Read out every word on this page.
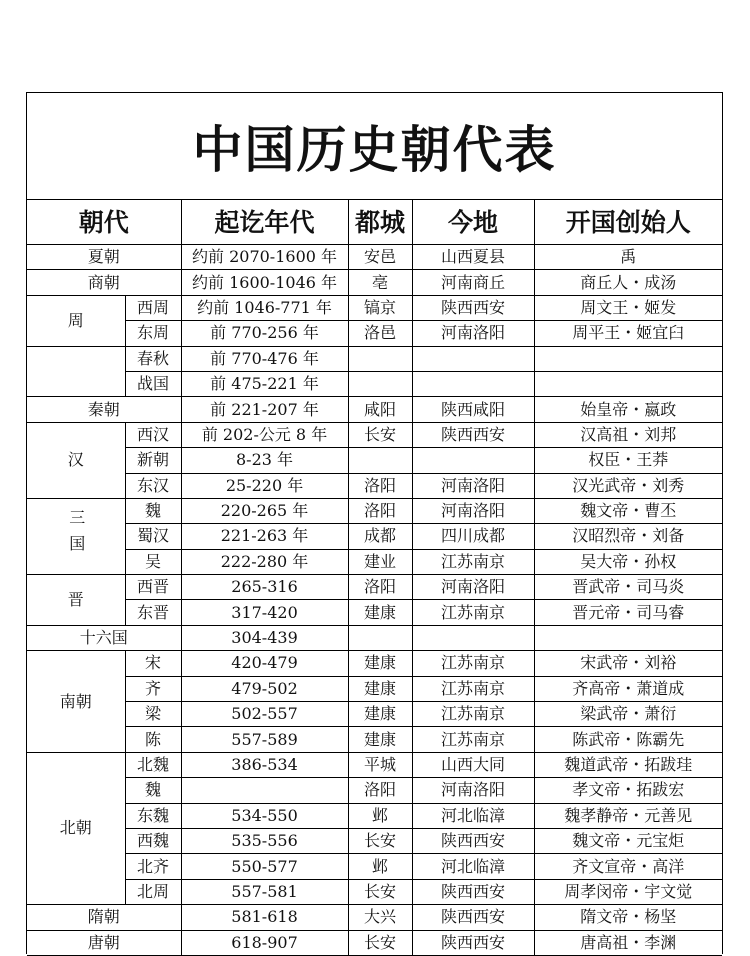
中国历史朝代表
朝代		起讫年代	都城	今地	开国创始人
夏朝		约前 2070-1600 年	安邑	山西夏县	禹
商朝		约前 1600-1046 年	亳	河南商丘	商丘人・成汤
周	西周	约前 1046-771 年	镐京	陕西西安	周文王・姬发
	东周	前 770-256 年	洛邑	河南洛阳	周平王・姬宜臼
	春秋	前 770-476 年			
	战国	前 475-221 年			
秦朝		前 221-207 年	咸阳	陕西咸阳	始皇帝・嬴政
汉	西汉	前 202-公元 8 年	长安	陕西西安	汉高祖・刘邦
	新朝	8-23 年			权臣・王莽
	东汉	25-220 年	洛阳	河南洛阳	汉光武帝・刘秀
三国	魏	220-265 年	洛阳	河南洛阳	魏文帝・曹丕
	蜀汉	221-263 年	成都	四川成都	汉昭烈帝・刘备
	吴	222-280 年	建业	江苏南京	吴大帝・孙权
晋	西晋	265-316	洛阳	河南洛阳	晋武帝・司马炎
	东晋	317-420	建康	江苏南京	晋元帝・司马睿
十六国		304-439			
南朝	宋	420-479	建康	江苏南京	宋武帝・刘裕
	齐	479-502	建康	江苏南京	齐高帝・萧道成
	梁	502-557	建康	江苏南京	梁武帝・萧衍
	陈	557-589	建康	江苏南京	陈武帝・陈霸先
北朝	北魏	386-534	平城	山西大同	魏道武帝・拓跋珪
	魏		洛阳	河南洛阳	孝文帝・拓跋宏
	东魏	534-550	邺	河北临漳	魏孝静帝・元善见
	西魏	535-556	长安	陕西西安	魏文帝・元宝炬
	北齐	550-577	邺	河北临漳	齐文宣帝・高洋
	北周	557-581	长安	陕西西安	周孝闵帝・宇文觉
隋朝		581-618	大兴	陕西西安	隋文帝・杨坚
唐朝		618-907	长安	陕西西安	唐高祖・李渊
